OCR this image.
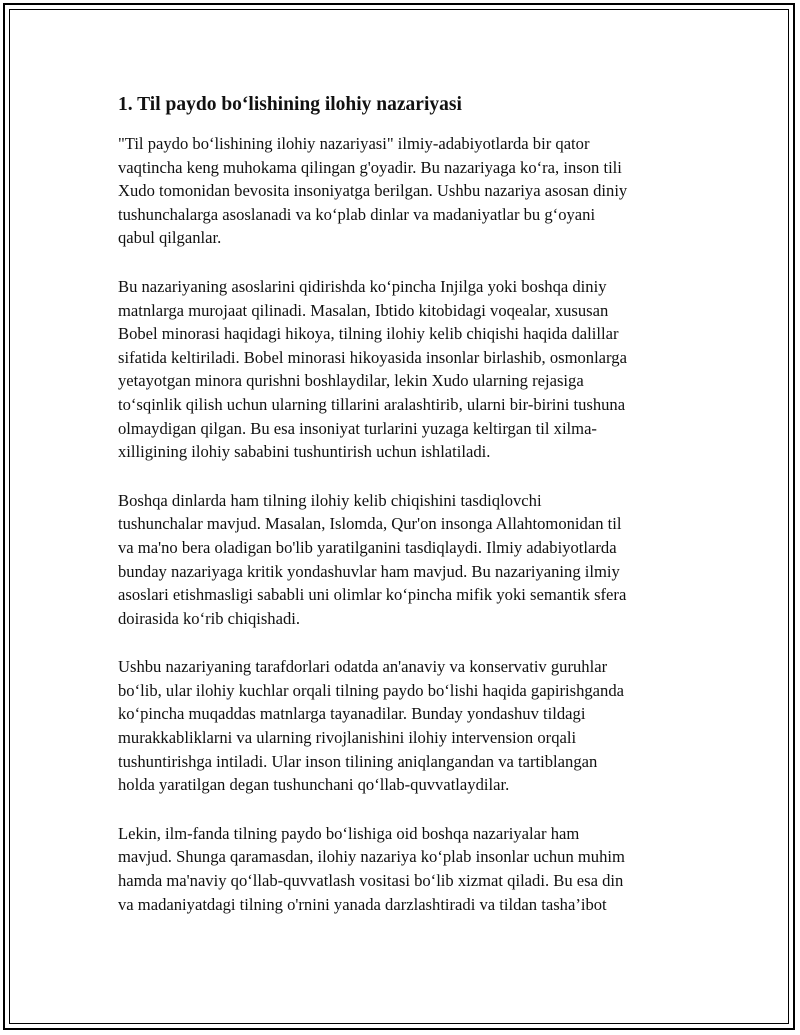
1. Til paydo bo‘lishining ilohiy nazariyasi

"Til paydo bo‘lishining ilohiy nazariyasi" ilmiy-adabiyotlarda bir qator
vaqtincha keng muhokama qilingan g'oyadir. Bu nazariyaga ko‘ra, inson tili
Xudo tomonidan bevosita insoniyatga berilgan. Ushbu nazariya asosan diniy
tushunchalarga asoslanadi va ko‘plab dinlar va madaniyatlar bu g‘oyani
qabul qilganlar.

Bu nazariyaning asoslarini qidirishda ko‘pincha Injilga yoki boshqa diniy
matnlarga murojaat qilinadi. Masalan, Ibtido kitobidagi voqealar, xususan
Bobel minorasi haqidagi hikoya, tilning ilohiy kelib chiqishi haqida dalillar
sifatida keltiriladi. Bobel minorasi hikoyasida insonlar birlashib, osmonlarga
yetayotgan minora qurishni boshlaydilar, lekin Xudo ularning rejasiga
to‘sqinlik qilish uchun ularning tillarini aralashtirib, ularni bir-birini tushuna
olmaydigan qilgan. Bu esa insoniyat turlarini yuzaga keltirgan til xilma-
xilligining ilohiy sababini tushuntirish uchun ishlatiladi.

Boshqa dinlarda ham tilning ilohiy kelib chiqishini tasdiqlovchi
tushunchalar mavjud. Masalan, Islomda, Qur'on insonga Allahtomonidan til
va ma'no bera oladigan bo'lib yaratilganini tasdiqlaydi. Ilmiy adabiyotlarda
bunday nazariyaga kritik yondashuvlar ham mavjud. Bu nazariyaning ilmiy
asoslari etishmasligi sababli uni olimlar ko‘pincha mifik yoki semantik sfera
doirasida ko‘rib chiqishadi.

Ushbu nazariyaning tarafdorlari odatda an'anaviy va konservativ guruhlar
bo‘lib, ular ilohiy kuchlar orqali tilning paydo bo‘lishi haqida gapirishganda
ko‘pincha muqaddas matnlarga tayanadilar. Bunday yondashuv tildagi
murakkabliklarni va ularning rivojlanishini ilohiy intervension orqali
tushuntirishga intiladi. Ular inson tilining aniqlangandan va tartiblangan
holda yaratilgan degan tushunchani qo‘llab-quvvatlaydilar.

Lekin, ilm-fanda tilning paydo bo‘lishiga oid boshqa nazariyalar ham
mavjud. Shunga qaramasdan, ilohiy nazariya ko‘plab insonlar uchun muhim
hamda ma'naviy qo‘llab-quvvatlash vositasi bo‘lib xizmat qiladi. Bu esa din
va madaniyatdagi tilning o'rnini yanada darzlashtiradi va tildan tasha’ibot
